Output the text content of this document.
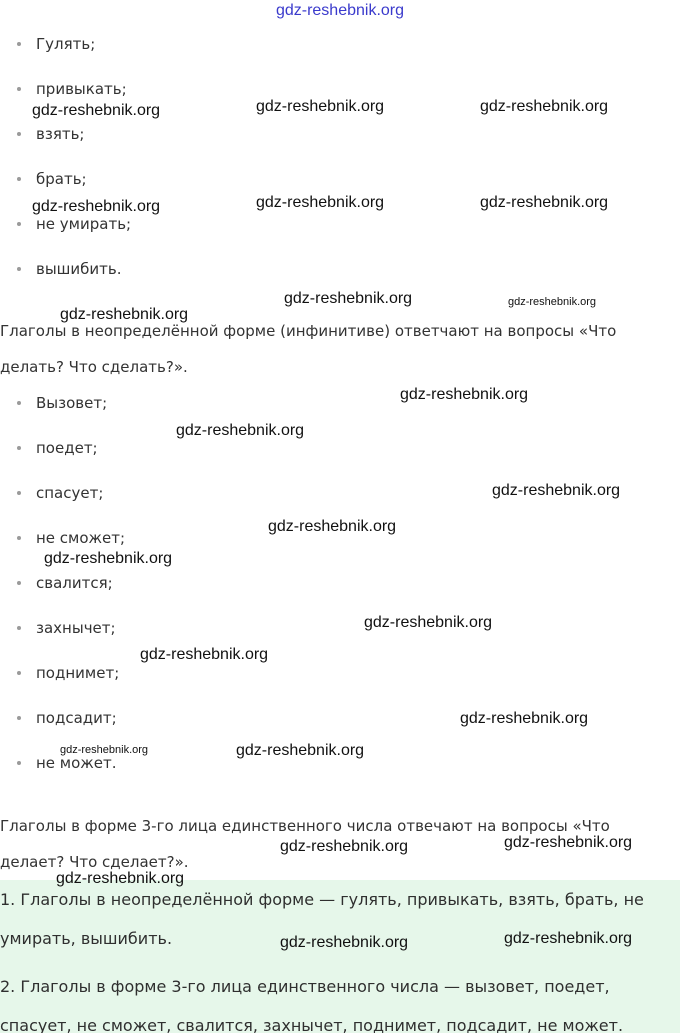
gdz-reshebnik.org
Гулять;
привыкать;
взять;
брать;
не умирать;
вышибить.

Глаголы в неопределённой форме (инфинитиве) ответчают на вопросы «Что

делать? Что сделать?».

Вызовет;
поедет;
спасует;
не сможет;
свалится;
захнычет;
поднимет;
подсадит;
не может.

Глаголы в форме 3-го лица единственного числа отвечают на вопросы «Что

делает? Что сделает?».

1. Глаголы в неопределённой форме — гулять, привыкать, взять, брать, не

умирать, вышибить.

2. Глаголы в форме 3-го лица единственного числа — вызовет, поедет,

спасует, не сможет, свалится, захнычет, поднимет, подсадит, не может.

gdz-reshebnik.org	gdz-reshebnik.org	gdz-reshebnik.org
gdz-reshebnik.org	gdz-reshebnik.org	gdz-reshebnik.org
gdz-reshebnik.org
gdz-reshebnik.org	gdz-reshebnik.org
gdz-reshebnik.org
gdz-reshebnik.org
gdz-reshebnik.org
gdz-reshebnik.org
gdz-reshebnik.org
gdz-reshebnik.org
gdz-reshebnik.org
gdz-reshebnik.org
gdz-reshebnik.org	gdz-reshebnik.org
gdz-reshebnik.org	gdz-reshebnik.org
gdz-reshebnik.org
gdz-reshebnik.org	gdz-reshebnik.org
